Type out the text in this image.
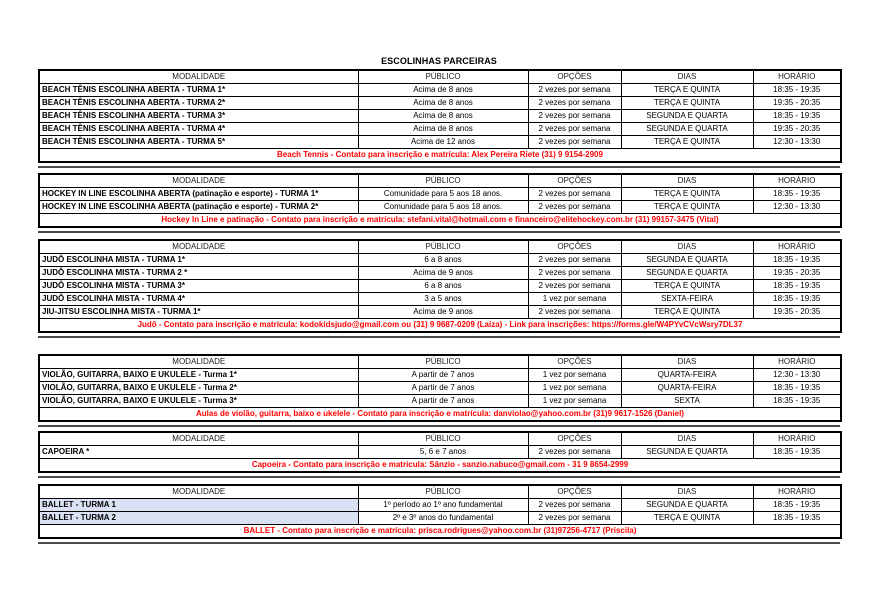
ESCOLINHAS PARCEIRAS
MODALIDADE	PÚBLICO	OPÇÕES	DIAS	HORÁRIO
BEACH TÊNIS ESCOLINHA ABERTA - TURMA 1*	Acima de 8 anos	2 vezes por semana	TERÇA E QUINTA	18:35 - 19:35
BEACH TÊNIS ESCOLINHA ABERTA - TURMA 2*	Acima de 8 anos	2 vezes por semana	TERÇA E QUINTA	19:35 - 20:35
BEACH TÊNIS ESCOLINHA ABERTA - TURMA 3*	Acima de 8 anos	2 vezes por semana	SEGUNDA E QUARTA	18:35 - 19:35
BEACH TÊNIS ESCOLINHA ABERTA - TURMA 4*	Acima de 8 anos	2 vezes por semana	SEGUNDA E QUARTA	19:35 - 20:35
BEACH TÊNIS ESCOLINHA ABERTA - TURMA 5*	Acima de 12 anos	2 vezes por semana	TERÇA E QUINTA	12:30 - 13:30
Beach Tennis - Contato para inscrição e matrícula: Alex Pereira Riete (31) 9 9154-2909				
MODALIDADE	PÚBLICO	OPÇÕES	DIAS	HORÁRIO
HOCKEY IN LINE ESCOLINHA ABERTA (patinação e esporte) - TURMA 1*	Comunidade para 5 aos 18 anos.	2 vezes por semana	TERÇA E QUINTA	18:35 - 19:35
HOCKEY IN LINE ESCOLINHA ABERTA (patinação e esporte) - TURMA 2*	Comunidade para 5 aos 18 anos.	2 vezes por semana	TERÇA E QUINTA	12:30 - 13:30
Hockey In Line e patinação - Contato para inscrição e matrícula: stefani.vital@hotmail.com e financeiro@elitehockey.com.br (31) 99157-3475 (Vital)				
MODALIDADE	PÚBLICO	OPÇÕES	DIAS	HORÁRIO
JUDÔ ESCOLINHA MISTA - TURMA 1*	6 a 8 anos	2 vezes por semana	SEGUNDA E QUARTA	18:35 - 19:35
JUDÔ ESCOLINHA MISTA - TURMA 2 *	Acima de 9 anos	2 vezes por semana	SEGUNDA E QUARTA	19:35 - 20:35
JUDÔ ESCOLINHA MISTA - TURMA 3*	6 a 8 anos	2 vezes por semana	TERÇA E QUINTA	18:35 - 19:35
JUDÔ ESCOLINHA MISTA - TURMA 4*	3 a 5 anos	1 vez por semana	SEXTA-FEIRA	18:35 - 19:35
JIU-JITSU ESCOLINHA MISTA - TURMA 1*	Acima de 9 anos	2 vezes por semana	TERÇA E QUINTA	19:35 - 20:35
Judô - Contato para inscrição e matrícula: kodokidsjudo@gmail.com ou (31) 9 9687-0209 (Laiza) - Link para inscrições: https://forms.gle/W4PYvCVcWsry7DL37				
MODALIDADE	PÚBLICO	OPÇÕES	DIAS	HORÁRIO
VIOLÃO, GUITARRA, BAIXO E UKULELE - Turma 1*	A partir de 7 anos	1 vez por semana	QUARTA-FEIRA	12:30 - 13:30
VIOLÃO, GUITARRA, BAIXO E UKULELE - Turma 2*	A partir de 7 anos	1 vez por semana	QUARTA-FEIRA	18:35 - 19:35
VIOLÃO, GUITARRA, BAIXO E UKULELE - Turma 3*	A partir de 7 anos	1 vez por semana	SEXTA	18:35 - 19:35
Aulas de violão, guitarra, baixo e ukelele - Contato para inscrição e matrícula: danviolao@yahoo.com.br (31)9 9617-1526 (Daniel)				
MODALIDADE	PÚBLICO	OPÇÕES	DIAS	HORÁRIO
CAPOEIRA *	5, 6 e 7 anos	2 vezes por semana	SEGUNDA E QUARTA	18:35 - 19:35
Capoeira - Contato para inscrição e matrícula: Sânzio - sanzio.nabuco@gmail.com - 31 9 8654-2999				
MODALIDADE	PÚBLICO	OPÇÕES	DIAS	HORÁRIO
BALLET - TURMA 1	1º período ao 1º ano fundamental	2 vezes por semana	SEGUNDA E QUARTA	18:35 - 19:35
BALLET - TURMA 2	2º e 3º anos do fundamental	2 vezes por semana	TERÇA E QUINTA	18:35 - 19:35
BALLET - Contato para inscrição e matrícula: prisca.rodrigues@yahoo.com.br (31)97256-4717 (Priscila)				
